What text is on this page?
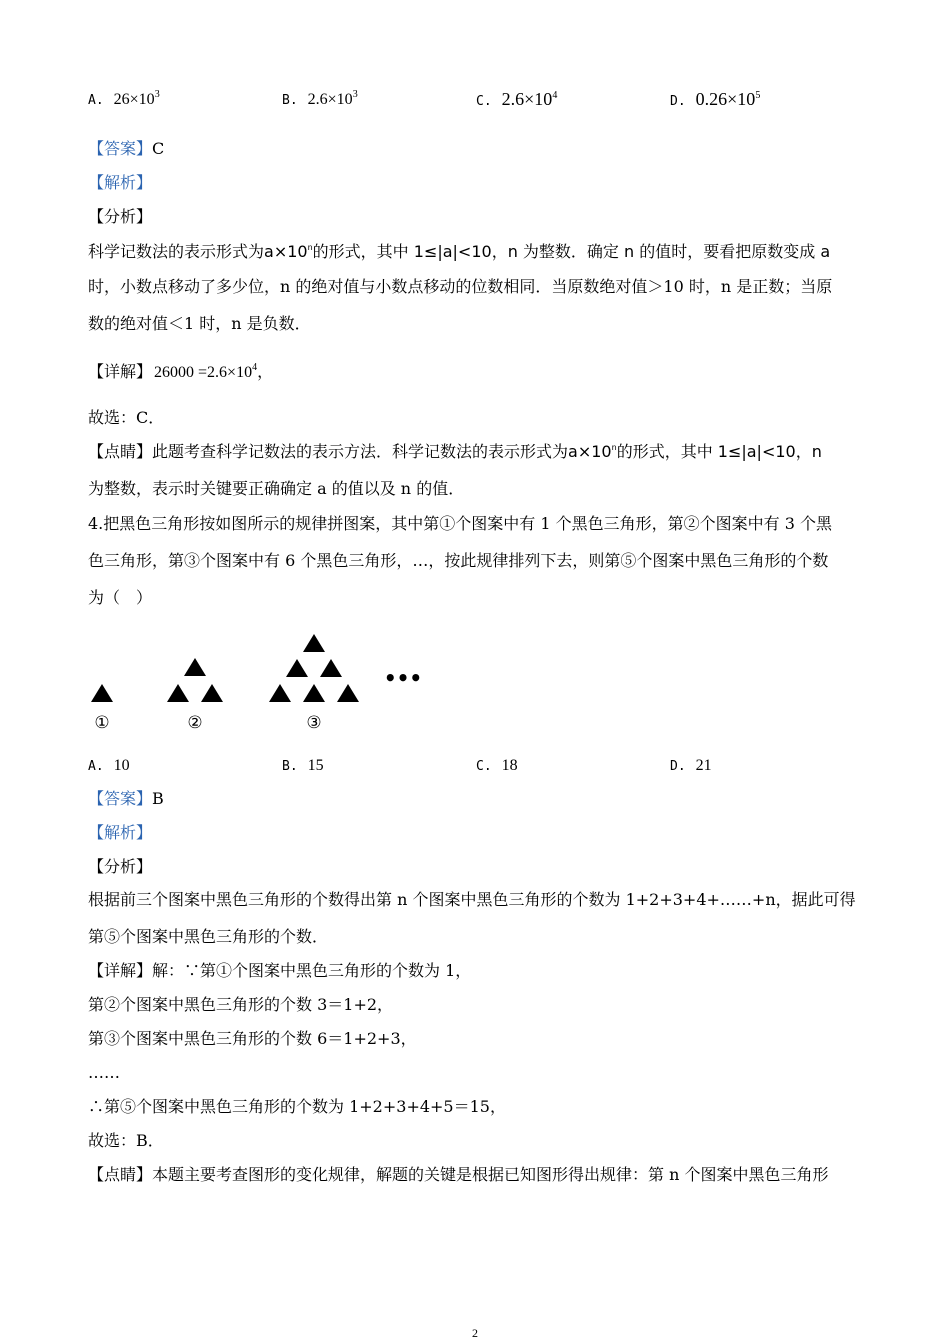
A. $26\times 10^3$	B. $2.6\times 10^3$	C. $2.6\times 10^4$	D. $0.26\times 10^5$
【答案】C
【解析】
【分析】
科学记数法的表示形式为$a\times 10^n$的形式，其中 1≤|a|<10，n 为整数．确定 n 的值时，要看把原数变成 a
时，小数点移动了多少位，n 的绝对值与小数点移动的位数相同．当原数绝对值＞10 时，n 是正数；当原
数的绝对值＜1 时，n 是负数．
【详解】 $26000 =2.6\times 10^4$，
故选：C．
【点睛】此题考查科学记数法的表示方法．科学记数法的表示形式为$a\times 10^n$的形式，其中 1≤|a|<10，n
为整数，表示时关键要正确确定 a 的值以及 n 的值．
4.把黑色三角形按如图所示的规律拼图案，其中第①个图案中有 1 个黑色三角形，第②个图案中有 3 个黑
色三角形，第③个图案中有 6 个黑色三角形，…，按此规律排列下去，则第⑤个图案中黑色三角形的个数
为（　）
①	②	③
•••
A. 10	B. 15	C. 18	D. 21
【答案】B
【解析】
【分析】
根据前三个图案中黑色三角形的个数得出第 n 个图案中黑色三角形的个数为 1+2+3+4+……+n，据此可得
第⑤个图案中黑色三角形的个数．
【详解】解：∵第①个图案中黑色三角形的个数为 1，
第②个图案中黑色三角形的个数 3＝1+2，
第③个图案中黑色三角形的个数 6＝1+2+3，
……
∴第⑤个图案中黑色三角形的个数为 1+2+3+4+5＝15，
故选：B．
【点睛】本题主要考查图形的变化规律，解题的关键是根据已知图形得出规律：第 n 个图案中黑色三角形
2
